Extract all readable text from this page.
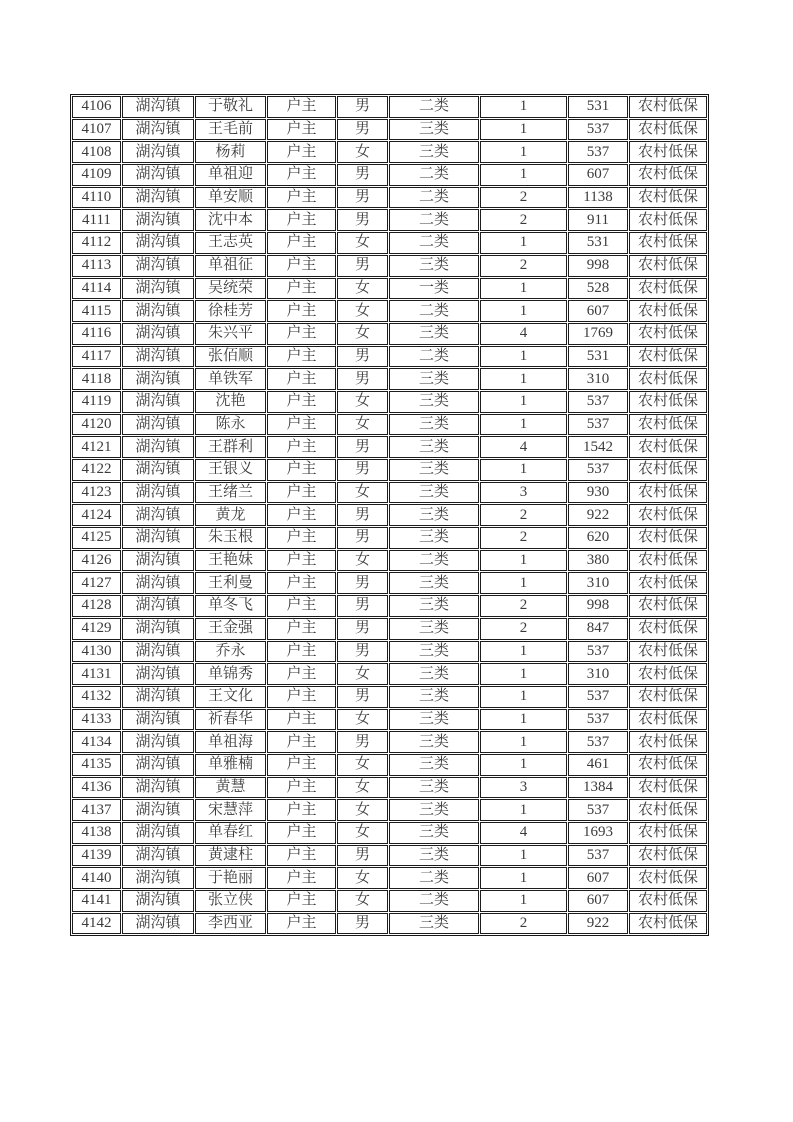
4106	湖沟镇	于敬礼	户主	男	二类	1	531	农村低保
4107	湖沟镇	王毛前	户主	男	三类	1	537	农村低保
4108	湖沟镇	杨莉	户主	女	三类	1	537	农村低保
4109	湖沟镇	单祖迎	户主	男	二类	1	607	农村低保
4110	湖沟镇	单安顺	户主	男	二类	2	1138	农村低保
4111	湖沟镇	沈中本	户主	男	二类	2	911	农村低保
4112	湖沟镇	王志英	户主	女	二类	1	531	农村低保
4113	湖沟镇	单祖征	户主	男	三类	2	998	农村低保
4114	湖沟镇	吴统荣	户主	女	一类	1	528	农村低保
4115	湖沟镇	徐桂芳	户主	女	二类	1	607	农村低保
4116	湖沟镇	朱兴平	户主	女	三类	4	1769	农村低保
4117	湖沟镇	张佰顺	户主	男	二类	1	531	农村低保
4118	湖沟镇	单铁军	户主	男	三类	1	310	农村低保
4119	湖沟镇	沈艳	户主	女	三类	1	537	农村低保
4120	湖沟镇	陈永	户主	女	三类	1	537	农村低保
4121	湖沟镇	王群利	户主	男	三类	4	1542	农村低保
4122	湖沟镇	王银义	户主	男	三类	1	537	农村低保
4123	湖沟镇	王绪兰	户主	女	三类	3	930	农村低保
4124	湖沟镇	黄龙	户主	男	三类	2	922	农村低保
4125	湖沟镇	朱玉根	户主	男	三类	2	620	农村低保
4126	湖沟镇	王艳妹	户主	女	二类	1	380	农村低保
4127	湖沟镇	王利曼	户主	男	三类	1	310	农村低保
4128	湖沟镇	单冬飞	户主	男	三类	2	998	农村低保
4129	湖沟镇	王金强	户主	男	三类	2	847	农村低保
4130	湖沟镇	乔永	户主	男	三类	1	537	农村低保
4131	湖沟镇	单锦秀	户主	女	三类	1	310	农村低保
4132	湖沟镇	王文化	户主	男	三类	1	537	农村低保
4133	湖沟镇	祈春华	户主	女	三类	1	537	农村低保
4134	湖沟镇	单祖海	户主	男	三类	1	537	农村低保
4135	湖沟镇	单雅楠	户主	女	三类	1	461	农村低保
4136	湖沟镇	黄慧	户主	女	三类	3	1384	农村低保
4137	湖沟镇	宋慧萍	户主	女	三类	1	537	农村低保
4138	湖沟镇	单春红	户主	女	三类	4	1693	农村低保
4139	湖沟镇	黄逮柱	户主	男	三类	1	537	农村低保
4140	湖沟镇	于艳丽	户主	女	二类	1	607	农村低保
4141	湖沟镇	张立侠	户主	女	二类	1	607	农村低保
4142	湖沟镇	李西亚	户主	男	三类	2	922	农村低保
